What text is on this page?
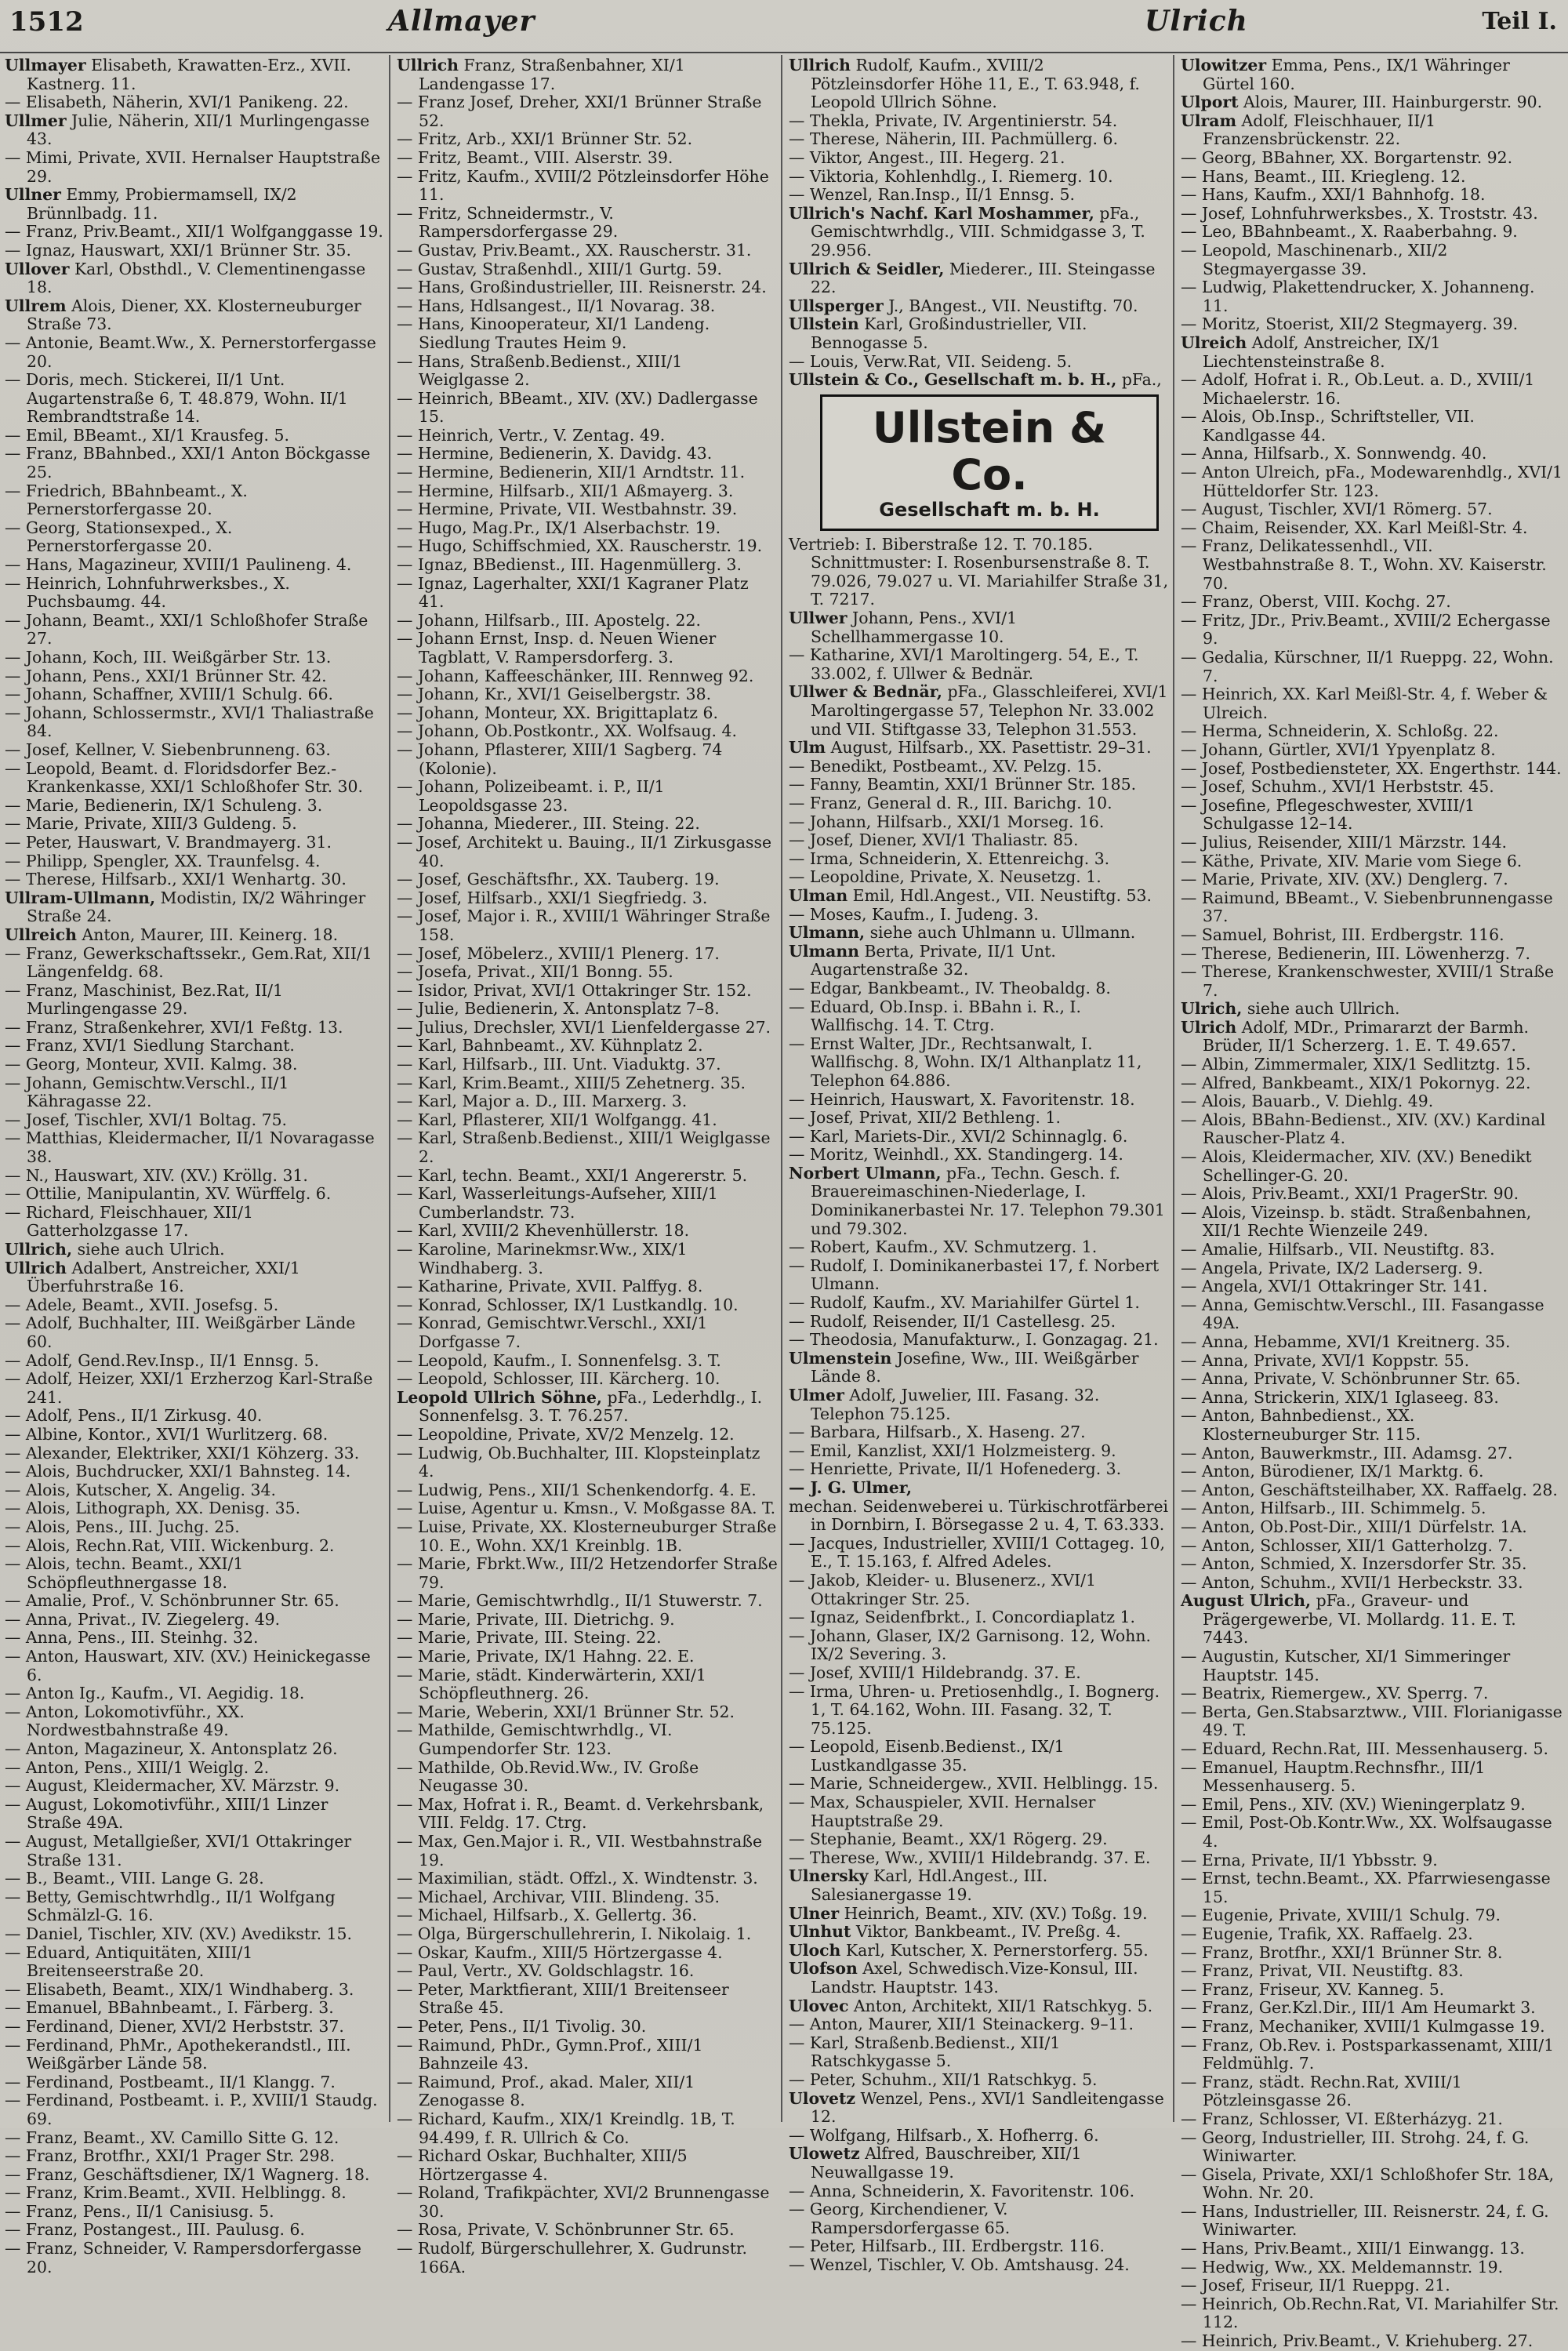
1512	Allmayer	Ulrich	Teil I.

Ullmayer Elisabeth, Krawatten-Erz., XVII. Kastnerg. 11.

— Elisabeth, Näherin, XVI/1 Panikeng. 22.

Ullmer Julie, Näherin, XII/1 Murlingengasse 43.

— Mimi, Private, XVII. Hernalser Hauptstraße 29.

Ullner Emmy, Probiermamsell, IX/2 Brünnlbadg. 11.

— Franz, Priv.Beamt., XII/1 Wolfganggasse 19.

— Ignaz, Hauswart, XXI/1 Brünner Str. 35.

Ullover Karl, Obsthdl., V. Clementinengasse 18.

Ullrem Alois, Diener, XX. Klosterneuburger Straße 73.

— Antonie, Beamt.Ww., X. Pernerstorfergasse 20.

— Doris, mech. Stickerei, II/1 Unt. Augartenstraße 6, T. 48.879, Wohn. II/1 Rembrandtstraße 14.

— Emil, BBeamt., XI/1 Krausfeg. 5.

— Franz, BBahnbed., XXI/1 Anton Böckgasse 25.

— Friedrich, BBahnbeamt., X. Pernerstorfergasse 20.

— Georg, Stationsexped., X. Pernerstorfergasse 20.

— Hans, Magazineur, XVIII/1 Paulineng. 4.

— Heinrich, Lohnfuhrwerksbes., X. Puchsbaumg. 44.

— Johann, Beamt., XXI/1 Schloßhofer Straße 27.

— Johann, Koch, III. Weißgärber Str. 13.

— Johann, Pens., XXI/1 Brünner Str. 42.

— Johann, Schaffner, XVIII/1 Schulg. 66.

— Johann, Schlossermstr., XVI/1 Thaliastraße 84.

— Josef, Kellner, V. Siebenbrunneng. 63.

— Leopold, Beamt. d. Floridsdorfer Bez.-Krankenkasse, XXI/1 Schloßhofer Str. 30.

— Marie, Bedienerin, IX/1 Schuleng. 3.

— Marie, Private, XIII/3 Guldeng. 5.

— Peter, Hauswart, V. Brandmayerg. 31.

— Philipp, Spengler, XX. Traunfelsg. 4.

— Therese, Hilfsarb., XXI/1 Wenhartg. 30.

Ullram-Ullmann, Modistin, IX/2 Währinger Straße 24.

Ullreich Anton, Maurer, III. Keinerg. 18.

— Franz, Gewerkschaftssekr., Gem.Rat, XII/1 Längenfeldg. 68.

— Franz, Maschinist, Bez.Rat, II/1 Murlingengasse 29.

— Franz, Straßenkehrer, XVI/1 Feßtg. 13.

— Franz, XVI/1 Siedlung Starchant.

— Georg, Monteur, XVII. Kalmg. 38.

— Johann, Gemischtw.Verschl., II/1 Kähragasse 22.

— Josef, Tischler, XVI/1 Boltag. 75.

— Matthias, Kleidermacher, II/1 Novaragasse 38.

— N., Hauswart, XIV. (XV.) Kröllg. 31.

— Ottilie, Manipulantin, XV. Würffelg. 6.

— Richard, Fleischhauer, XII/1 Gatterholzgasse 17.

Ullrich, siehe auch Ulrich.

Ullrich Adalbert, Anstreicher, XXI/1 Überfuhrstraße 16.

— Adele, Beamt., XVII. Josefsg. 5.

— Adolf, Buchhalter, III. Weißgärber Lände 60.

— Adolf, Gend.Rev.Insp., II/1 Ennsg. 5.

— Adolf, Heizer, XXI/1 Erzherzog Karl-Straße 241.

— Adolf, Pens., II/1 Zirkusg. 40.

— Albine, Kontor., XVI/1 Wurlitzerg. 68.

— Alexander, Elektriker, XXI/1 Köhzerg. 33.

— Alois, Buchdrucker, XXI/1 Bahnsteg. 14.

— Alois, Kutscher, X. Angelig. 34.

— Alois, Lithograph, XX. Denisg. 35.

— Alois, Pens., III. Juchg. 25.

— Alois, Rechn.Rat, VIII. Wickenburg. 2.

— Alois, techn. Beamt., XXI/1 Schöpfleuthnergasse 18.

— Amalie, Prof., V. Schönbrunner Str. 65.

— Anna, Privat., IV. Ziegelerg. 49.

— Anna, Pens., III. Steinhg. 32.

— Anton, Hauswart, XIV. (XV.) Heinickegasse 6.

— Anton Ig., Kaufm., VI. Aegidig. 18.

— Anton, Lokomotivführ., XX. Nordwestbahnstraße 49.

— Anton, Magazineur, X. Antonsplatz 26.

— Anton, Pens., XIII/1 Weiglg. 2.

— August, Kleidermacher, XV. Märzstr. 9.

— August, Lokomotivführ., XIII/1 Linzer Straße 49A.

— August, Metallgießer, XVI/1 Ottakringer Straße 131.

— B., Beamt., VIII. Lange G. 28.

— Betty, Gemischtwrhdlg., II/1 Wolfgang Schmälzl-G. 16.

— Daniel, Tischler, XIV. (XV.) Avedikstr. 15.

— Eduard, Antiquitäten, XIII/1 Breitenseerstraße 20.

— Elisabeth, Beamt., XIX/1 Windhaberg. 3.

— Emanuel, BBahnbeamt., I. Färberg. 3.

— Ferdinand, Diener, XVI/2 Herbststr. 37.

— Ferdinand, PhMr., Apothekerandstl., III. Weißgärber Lände 58.

— Ferdinand, Postbeamt., II/1 Klangg. 7.

— Ferdinand, Postbeamt. i. P., XVIII/1 Staudg. 69.

— Franz, Beamt., XV. Camillo Sitte G. 12.

— Franz, Brotfhr., XXI/1 Prager Str. 298.

— Franz, Geschäftsdiener, IX/1 Wagnerg. 18.

— Franz, Krim.Beamt., XVII. Helblingg. 8.

— Franz, Pens., II/1 Canisiusg. 5.

— Franz, Postangest., III. Paulusg. 6.

— Franz, Schneider, V. Rampersdorfergasse 20.

Ullrich Franz, Straßenbahner, XI/1 Landengasse 17.

— Franz Josef, Dreher, XXI/1 Brünner Straße 52.

— Fritz, Arb., XXI/1 Brünner Str. 52.

— Fritz, Beamt., VIII. Alserstr. 39.

— Fritz, Kaufm., XVIII/2 Pötzleinsdorfer Höhe 11.

— Fritz, Schneidermstr., V. Rampersdorfergasse 29.

— Gustav, Priv.Beamt., XX. Rauscherstr. 31.

— Gustav, Straßenhdl., XIII/1 Gurtg. 59.

— Hans, Großindustrieller, III. Reisnerstr. 24.

— Hans, Hdlsangest., II/1 Novarag. 38.

— Hans, Kinooperateur, XI/1 Landeng. Siedlung Trautes Heim 9.

— Hans, Straßenb.Bedienst., XIII/1 Weiglgasse 2.

— Heinrich, BBeamt., XIV. (XV.) Dadlergasse 15.

— Heinrich, Vertr., V. Zentag. 49.

— Hermine, Bedienerin, X. Davidg. 43.

— Hermine, Bedienerin, XII/1 Arndtstr. 11.

— Hermine, Hilfsarb., XII/1 Aßmayerg. 3.

— Hermine, Private, VII. Westbahnstr. 39.

— Hugo, Mag.Pr., IX/1 Alserbachstr. 19.

— Hugo, Schiffschmied, XX. Rauscherstr. 19.

— Ignaz, BBedienst., III. Hagenmüllerg. 3.

— Ignaz, Lagerhalter, XXI/1 Kagraner Platz 41.

— Johann, Hilfsarb., III. Apostelg. 22.

— Johann Ernst, Insp. d. Neuen Wiener Tagblatt, V. Rampersdorferg. 3.

— Johann, Kaffeeschänker, III. Rennweg 92.

— Johann, Kr., XVI/1 Geiselbergstr. 38.

— Johann, Monteur, XX. Brigittaplatz 6.

— Johann, Ob.Postkontr., XX. Wolfsaug. 4.

— Johann, Pflasterer, XIII/1 Sagberg. 74 (Kolonie).

— Johann, Polizeibeamt. i. P., II/1 Leopoldsgasse 23.

— Johanna, Miederer., III. Steing. 22.

— Josef, Architekt u. Bauing., II/1 Zirkusgasse 40.

— Josef, Geschäftsfhr., XX. Tauberg. 19.

— Josef, Hilfsarb., XXI/1 Siegfriedg. 3.

— Josef, Major i. R., XVIII/1 Währinger Straße 158.

— Josef, Möbelerz., XVIII/1 Plenerg. 17.

— Josefa, Privat., XII/1 Bonng. 55.

— Isidor, Privat, XVI/1 Ottakringer Str. 152.

— Julie, Bedienerin, X. Antonsplatz 7–8.

— Julius, Drechsler, XVI/1 Lienfeldergasse 27.

— Karl, Bahnbeamt., XV. Kühnplatz 2.

— Karl, Hilfsarb., III. Unt. Viaduktg. 37.

— Karl, Krim.Beamt., XIII/5 Zehetnerg. 35.

— Karl, Major a. D., III. Marxerg. 3.

— Karl, Pflasterer, XII/1 Wolfgangg. 41.

— Karl, Straßenb.Bedienst., XIII/1 Weiglgasse 2.

— Karl, techn. Beamt., XXI/1 Angererstr. 5.

— Karl, Wasserleitungs-Aufseher, XIII/1 Cumberlandstr. 73.

— Karl, XVIII/2 Khevenhüllerstr. 18.

— Karoline, Marinekmsr.Ww., XIX/1 Windhaberg. 3.

— Katharine, Private, XVII. Palffyg. 8.

— Konrad, Schlosser, IX/1 Lustkandlg. 10.

— Konrad, Gemischtwr.Verschl., XXI/1 Dorfgasse 7.

— Leopold, Kaufm., I. Sonnenfelsg. 3. T.

— Leopold, Schlosser, III. Kärcherg. 10.

Leopold Ullrich Söhne, pFa., Lederhdlg., I. Sonnenfelsg. 3. T. 76.257.

— Leopoldine, Private, XV/2 Menzelg. 12.

— Ludwig, Ob.Buchhalter, III. Klopsteinplatz 4.

— Ludwig, Pens., XII/1 Schenkendorfg. 4. E.

— Luise, Agentur u. Kmsn., V. Moßgasse 8A. T.

— Luise, Private, XX. Klosterneuburger Straße 10. E., Wohn. XX/1 Kreinblg. 1B.

— Marie, Fbrkt.Ww., III/2 Hetzendorfer Straße 79.

— Marie, Gemischtwrhdlg., II/1 Stuwerstr. 7.

— Marie, Private, III. Dietrichg. 9.

— Marie, Private, III. Steing. 22.

— Marie, Private, IX/1 Hahng. 22. E.

— Marie, städt. Kinderwärterin, XXI/1 Schöpfleuthnerg. 26.

— Marie, Weberin, XXI/1 Brünner Str. 52.

— Mathilde, Gemischtwrhdlg., VI. Gumpendorfer Str. 123.

— Mathilde, Ob.Revid.Ww., IV. Große Neugasse 30.

— Max, Hofrat i. R., Beamt. d. Verkehrsbank, VIII. Feldg. 17. Ctrg.

— Max, Gen.Major i. R., VII. Westbahnstraße 19.

— Maximilian, städt. Offzl., X. Windtenstr. 3.

— Michael, Archivar, VIII. Blindeng. 35.

— Michael, Hilfsarb., X. Gellertg. 36.

— Olga, Bürgerschullehrerin, I. Nikolaig. 1.

— Oskar, Kaufm., XIII/5 Hörtzergasse 4.

— Paul, Vertr., XV. Goldschlagstr. 16.

— Peter, Marktfierant, XIII/1 Breitenseer Straße 45.

— Peter, Pens., II/1 Tivolig. 30.

— Raimund, PhDr., Gymn.Prof., XIII/1 Bahnzeile 43.

— Raimund, Prof., akad. Maler, XII/1 Zenogasse 8.

— Richard, Kaufm., XIX/1 Kreindlg. 1B, T. 94.499, f. R. Ullrich & Co.

— Richard Oskar, Buchhalter, XIII/5 Hörtzergasse 4.

— Roland, Trafikpächter, XVI/2 Brunnengasse 30.

— Rosa, Private, V. Schönbrunner Str. 65.

— Rudolf, Bürgerschullehrer, X. Gudrunstr. 166A.

Ullrich Rudolf, Kaufm., XVIII/2 Pötzleinsdorfer Höhe 11, E., T. 63.948, f. Leopold Ullrich Söhne.

— Thekla, Private, IV. Argentinierstr. 54.

— Therese, Näherin, III. Pachmüllerg. 6.

— Viktor, Angest., III. Hegerg. 21.

— Viktoria, Kohlenhdlg., I. Riemerg. 10.

— Wenzel, Ran.Insp., II/1 Ennsg. 5.

Ullrich's Nachf. Karl Moshammer, pFa., Gemischtwrhdlg., VIII. Schmidgasse 3, T. 29.956.

Ullrich & Seidler, Miederer., III. Steingasse 22.

Ullsperger J., BAngest., VII. Neustiftg. 70.

Ullstein Karl, Großindustrieller, VII. Bennogasse 5.

— Louis, Verw.Rat, VII. Seideng. 5.

Ullstein & Co., Gesellschaft m. b. H., pFa.,

Ullstein & Co.
Gesellschaft m. b. H.

Vertrieb: I. Biberstraße 12. T. 70.185. Schnittmuster: I. Rosenbursenstraße 8. T. 79.026, 79.027 u. VI. Mariahilfer Straße 31, T. 7217.

Ullwer Johann, Pens., XVI/1 Schellhammergasse 10.

— Katharine, XVI/1 Maroltingerg. 54, E., T. 33.002, f. Ullwer & Bednär.

Ullwer & Bednär, pFa., Glasschleiferei, XVI/1 Maroltingergasse 57, Telephon Nr. 33.002 und VII. Stiftgasse 33, Telephon 31.553.

Ulm August, Hilfsarb., XX. Pasettistr. 29–31.

— Benedikt, Postbeamt., XV. Pelzg. 15.

— Fanny, Beamtin, XXI/1 Brünner Str. 185.

— Franz, General d. R., III. Barichg. 10.

— Johann, Hilfsarb., XXI/1 Morseg. 16.

— Josef, Diener, XVI/1 Thaliastr. 85.

— Irma, Schneiderin, X. Ettenreichg. 3.

— Leopoldine, Private, X. Neusetzg. 1.

Ulman Emil, Hdl.Angest., VII. Neustiftg. 53.

— Moses, Kaufm., I. Judeng. 3.

Ulmann, siehe auch Uhlmann u. Ullmann.

Ulmann Berta, Private, II/1 Unt. Augartenstraße 32.

— Edgar, Bankbeamt., IV. Theobaldg. 8.

— Eduard, Ob.Insp. i. BBahn i. R., I. Wallfischg. 14. T. Ctrg.

— Ernst Walter, JDr., Rechtsanwalt, I. Wallfischg. 8, Wohn. IX/1 Althanplatz 11, Telephon 64.886.

— Heinrich, Hauswart, X. Favoritenstr. 18.

— Josef, Privat, XII/2 Bethleng. 1.

— Karl, Mariets-Dir., XVI/2 Schinnaglg. 6.

— Moritz, Weinhdl., XX. Standingerg. 14.

Norbert Ulmann, pFa., Techn. Gesch. f. Brauereimaschinen-Niederlage, I. Dominikanerbastei Nr. 17. Telephon 79.301 und 79.302.

— Robert, Kaufm., XV. Schmutzerg. 1.

— Rudolf, I. Dominikanerbastei 17, f. Norbert Ulmann.

— Rudolf, Kaufm., XV. Mariahilfer Gürtel 1.

— Rudolf, Reisender, II/1 Castellesg. 25.

— Theodosia, Manufakturw., I. Gonzagag. 21.

Ulmenstein Josefine, Ww., III. Weißgärber Lände 8.

Ulmer Adolf, Juwelier, III. Fasang. 32. Telephon 75.125.

— Barbara, Hilfsarb., X. Haseng. 27.

— Emil, Kanzlist, XXI/1 Holzmeisterg. 9.

— Henriette, Private, II/1 Hofenederg. 3.

— J. G. Ulmer,

mechan. Seidenweberei u. Türkischrotfärberei in Dornbirn, I. Börsegasse 2 u. 4, T. 63.333.

— Jacques, Industrieller, XVIII/1 Cottageg. 10, E., T. 15.163, f. Alfred Adeles.

— Jakob, Kleider- u. Blusenerz., XVI/1 Ottakringer Str. 25.

— Ignaz, Seidenfbrkt., I. Concordiaplatz 1.

— Johann, Glaser, IX/2 Garnisong. 12, Wohn. IX/2 Severing. 3.

— Josef, XVIII/1 Hildebrandg. 37. E.

— Irma, Uhren- u. Pretiosenhdlg., I. Bognerg. 1, T. 64.162, Wohn. III. Fasang. 32, T. 75.125.

— Leopold, Eisenb.Bedienst., IX/1 Lustkandlgasse 35.

— Marie, Schneidergew., XVII. Helblingg. 15.

— Max, Schauspieler, XVII. Hernalser Hauptstraße 29.

— Stephanie, Beamt., XX/1 Rögerg. 29.

— Therese, Ww., XVIII/1 Hildebrandg. 37. E.

Ulnersky Karl, Hdl.Angest., III. Salesianergasse 19.

Ulner Heinrich, Beamt., XIV. (XV.) Toßg. 19.

Ulnhut Viktor, Bankbeamt., IV. Preßg. 4.

Uloch Karl, Kutscher, X. Pernerstorferg. 55.

Ulofson Axel, Schwedisch.Vize-Konsul, III. Landstr. Hauptstr. 143.

Ulovec Anton, Architekt, XII/1 Ratschkyg. 5.

— Anton, Maurer, XII/1 Steinackerg. 9–11.

— Karl, Straßenb.Bedienst., XII/1 Ratschkygasse 5.

— Peter, Schuhm., XII/1 Ratschkyg. 5.

Ulovetz Wenzel, Pens., XVI/1 Sandleitengasse 12.

— Wolfgang, Hilfsarb., X. Hofherrg. 6.

Ulowetz Alfred, Bauschreiber, XII/1 Neuwallgasse 19.

— Anna, Schneiderin, X. Favoritenstr. 106.

— Georg, Kirchendiener, V. Rampersdorfergasse 65.

— Peter, Hilfsarb., III. Erdbergstr. 116.

— Wenzel, Tischler, V. Ob. Amtshausg. 24.

Ulowitzer Emma, Pens., IX/1 Währinger Gürtel 160.

Ulport Alois, Maurer, III. Hainburgerstr. 90.

Ulram Adolf, Fleischhauer, II/1 Franzensbrückenstr. 22.

— Georg, BBahner, XX. Borgartenstr. 92.

— Hans, Beamt., III. Kriegleng. 12.

— Hans, Kaufm., XXI/1 Bahnhofg. 18.

— Josef, Lohnfuhrwerksbes., X. Troststr. 43.

— Leo, BBahnbeamt., X. Raaberbahng. 9.

— Leopold, Maschinenarb., XII/2 Stegmayergasse 39.

— Ludwig, Plakettendrucker, X. Johanneng. 11.

— Moritz, Stoerist, XII/2 Stegmayerg. 39.

Ulreich Adolf, Anstreicher, IX/1 Liechtensteinstraße 8.

— Adolf, Hofrat i. R., Ob.Leut. a. D., XVIII/1 Michaelerstr. 16.

— Alois, Ob.Insp., Schriftsteller, VII. Kandlgasse 44.

— Anna, Hilfsarb., X. Sonnwendg. 40.

— Anton Ulreich, pFa., Modewarenhdlg., XVI/1 Hütteldorfer Str. 123.

— August, Tischler, XVI/1 Römerg. 57.

— Chaim, Reisender, XX. Karl Meißl-Str. 4.

— Franz, Delikatessenhdl., VII. Westbahnstraße 8. T., Wohn. XV. Kaiserstr. 70.

— Franz, Oberst, VIII. Kochg. 27.

— Fritz, JDr., Priv.Beamt., XVIII/2 Echergasse 9.

— Gedalia, Kürschner, II/1 Rueppg. 22, Wohn. 7.

— Heinrich, XX. Karl Meißl-Str. 4, f. Weber & Ulreich.

— Herma, Schneiderin, X. Schloßg. 22.

— Johann, Gürtler, XVI/1 Ypyenplatz 8.

— Josef, Postbediensteter, XX. Engerthstr. 144.

— Josef, Schuhm., XVI/1 Herbststr. 45.

— Josefine, Pflegeschwester, XVIII/1 Schulgasse 12–14.

— Julius, Reisender, XIII/1 Märzstr. 144.

— Käthe, Private, XIV. Marie vom Siege 6.

— Marie, Private, XIV. (XV.) Denglerg. 7.

— Raimund, BBeamt., V. Siebenbrunnengasse 37.

— Samuel, Bohrist, III. Erdbergstr. 116.

— Therese, Bedienerin, III. Löwenherzg. 7.

— Therese, Krankenschwester, XVIII/1 Straße 7.

Ulrich, siehe auch Ullrich.

Ulrich Adolf, MDr., Primararzt der Barmh. Brüder, II/1 Scherzerg. 1. E. T. 49.657.

— Albin, Zimmermaler, XIX/1 Sedlitztg. 15.

— Alfred, Bankbeamt., XIX/1 Pokornyg. 22.

— Alois, Bauarb., V. Diehlg. 49.

— Alois, BBahn-Bedienst., XIV. (XV.) Kardinal Rauscher-Platz 4.

— Alois, Kleidermacher, XIV. (XV.) Benedikt Schellinger-G. 20.

— Alois, Priv.Beamt., XXI/1 PragerStr. 90.

— Alois, Vizeinsp. b. städt. Straßenbahnen, XII/1 Rechte Wienzeile 249.

— Amalie, Hilfsarb., VII. Neustiftg. 83.

— Angela, Private, IX/2 Laderserg. 9.

— Angela, XVI/1 Ottakringer Str. 141.

— Anna, Gemischtw.Verschl., III. Fasangasse 49A.

— Anna, Hebamme, XVI/1 Kreitnerg. 35.

— Anna, Private, XVI/1 Koppstr. 55.

— Anna, Private, V. Schönbrunner Str. 65.

— Anna, Strickerin, XIX/1 Iglaseeg. 83.

— Anton, Bahnbedienst., XX. Klosterneuburger Str. 115.

— Anton, Bauwerkmstr., III. Adamsg. 27.

— Anton, Bürodiener, IX/1 Marktg. 6.

— Anton, Geschäftsteilhaber, XX. Raffaelg. 28.

— Anton, Hilfsarb., III. Schimmelg. 5.

— Anton, Ob.Post-Dir., XIII/1 Dürfelstr. 1A.

— Anton, Schlosser, XII/1 Gatterholzg. 7.

— Anton, Schmied, X. Inzersdorfer Str. 35.

— Anton, Schuhm., XVII/1 Herbeckstr. 33.

August Ulrich, pFa., Graveur- und Prägergewerbe, VI. Mollardg. 11. E. T. 7443.

— Augustin, Kutscher, XI/1 Simmeringer Hauptstr. 145.

— Beatrix, Riemergew., XV. Sperrg. 7.

— Berta, Gen.Stabsarztww., VIII. Florianigasse 49. T.

— Eduard, Rechn.Rat, III. Messenhauserg. 5.

— Emanuel, Hauptm.Rechnsfhr., III/1 Messenhauserg. 5.

— Emil, Pens., XIV. (XV.) Wieningerplatz 9.

— Emil, Post-Ob.Kontr.Ww., XX. Wolfsaugasse 4.

— Erna, Private, II/1 Ybbsstr. 9.

— Ernst, techn.Beamt., XX. Pfarrwiesengasse 15.

— Eugenie, Private, XVIII/1 Schulg. 79.

— Eugenie, Trafik, XX. Raffaelg. 23.

— Franz, Brotfhr., XXI/1 Brünner Str. 8.

— Franz, Privat, VII. Neustiftg. 83.

— Franz, Friseur, XV. Kanneg. 5.

— Franz, Ger.Kzl.Dir., III/1 Am Heumarkt 3.

— Franz, Mechaniker, XVIII/1 Kulmgasse 19.

— Franz, Ob.Rev. i. Postsparkassenamt, XIII/1 Feldmühlg. 7.

— Franz, städt. Rechn.Rat, XVIII/1 Pötzleinsgasse 26.

— Franz, Schlosser, VI. Eßterházyg. 21.

— Georg, Industrieller, III. Strohg. 24, f. G. Winiwarter.

— Gisela, Private, XXI/1 Schloßhofer Str. 18A, Wohn. Nr. 20.

— Hans, Industrieller, III. Reisnerstr. 24, f. G. Winiwarter.

— Hans, Priv.Beamt., XIII/1 Einwangg. 13.

— Hedwig, Ww., XX. Meldemannstr. 19.

— Josef, Friseur, II/1 Rueppg. 21.

— Heinrich, Ob.Rechn.Rat, VI. Mariahilfer Str. 112.

— Heinrich, Priv.Beamt., V. Kriehuberg. 27.
